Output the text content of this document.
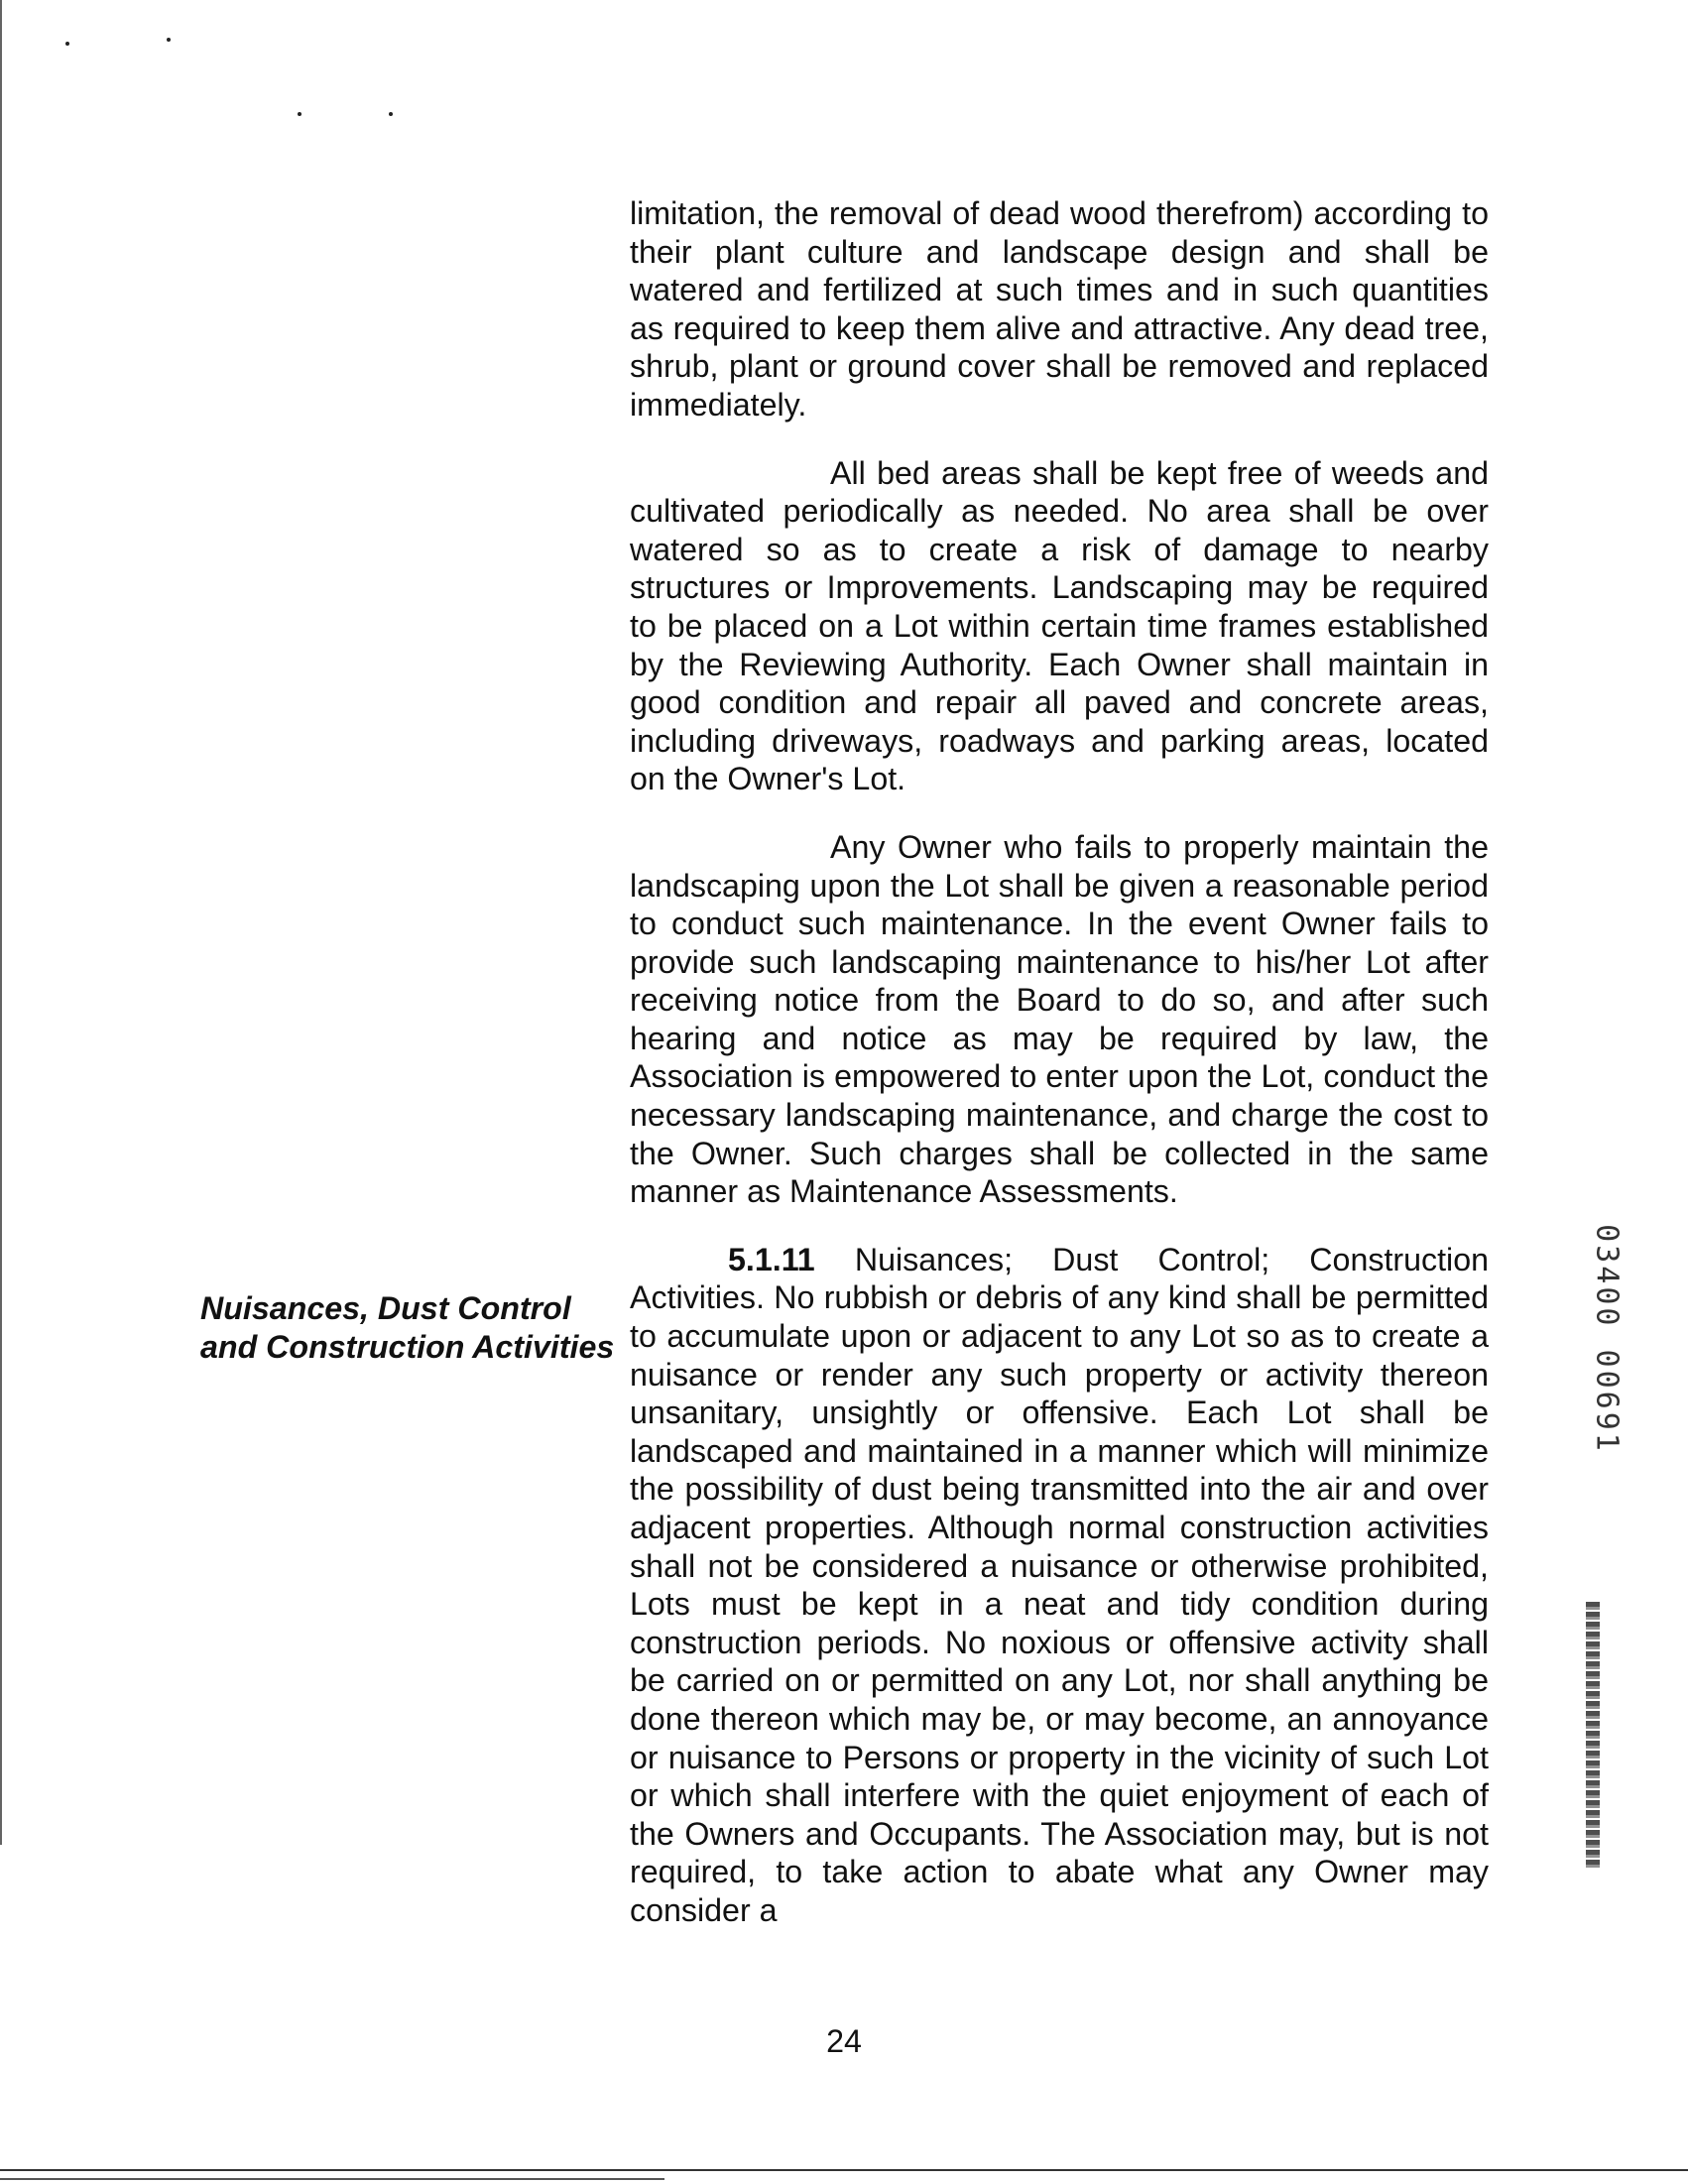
limitation, the removal of dead wood therefrom) according to their plant culture and landscape design and shall be watered and fertilized at such times and in such quantities as required to keep them alive and attractive. Any dead tree, shrub, plant or ground cover shall be removed and replaced immediately.

All bed areas shall be kept free of weeds and cultivated periodically as needed. No area shall be over watered so as to create a risk of damage to nearby structures or Improvements. Landscaping may be required to be placed on a Lot within certain time frames established by the Reviewing Authority. Each Owner shall maintain in good condition and repair all paved and concrete areas, including driveways, roadways and parking areas, located on the Owner's Lot.

Any Owner who fails to properly maintain the landscaping upon the Lot shall be given a reasonable period to conduct such maintenance. In the event Owner fails to provide such landscaping maintenance to his/her Lot after receiving notice from the Board to do so, and after such hearing and notice as may be required by law, the Association is empowered to enter upon the Lot, conduct the necessary landscaping maintenance, and charge the cost to the Owner. Such charges shall be collected in the same manner as Maintenance Assessments.

5.1.11 Nuisances; Dust Control; Construction Activities. No rubbish or debris of any kind shall be permitted to accumulate upon or adjacent to any Lot so as to create a nuisance or render any such property or activity thereon unsanitary, unsightly or offensive. Each Lot shall be landscaped and maintained in a manner which will minimize the possibility of dust being transmitted into the air and over adjacent properties. Although normal construction activities shall not be considered a nuisance or otherwise prohibited, Lots must be kept in a neat and tidy condition during construction periods. No noxious or offensive activity shall be carried on or permitted on any Lot, nor shall anything be done thereon which may be, or may become, an annoyance or nuisance to Persons or property in the vicinity of such Lot or which shall interfere with the quiet enjoyment of each of the Owners and Occupants. The Association may, but is not required, to take action to abate what any Owner may consider a

Nuisances, Dust Control and Construction Activities
24
03400 00691
